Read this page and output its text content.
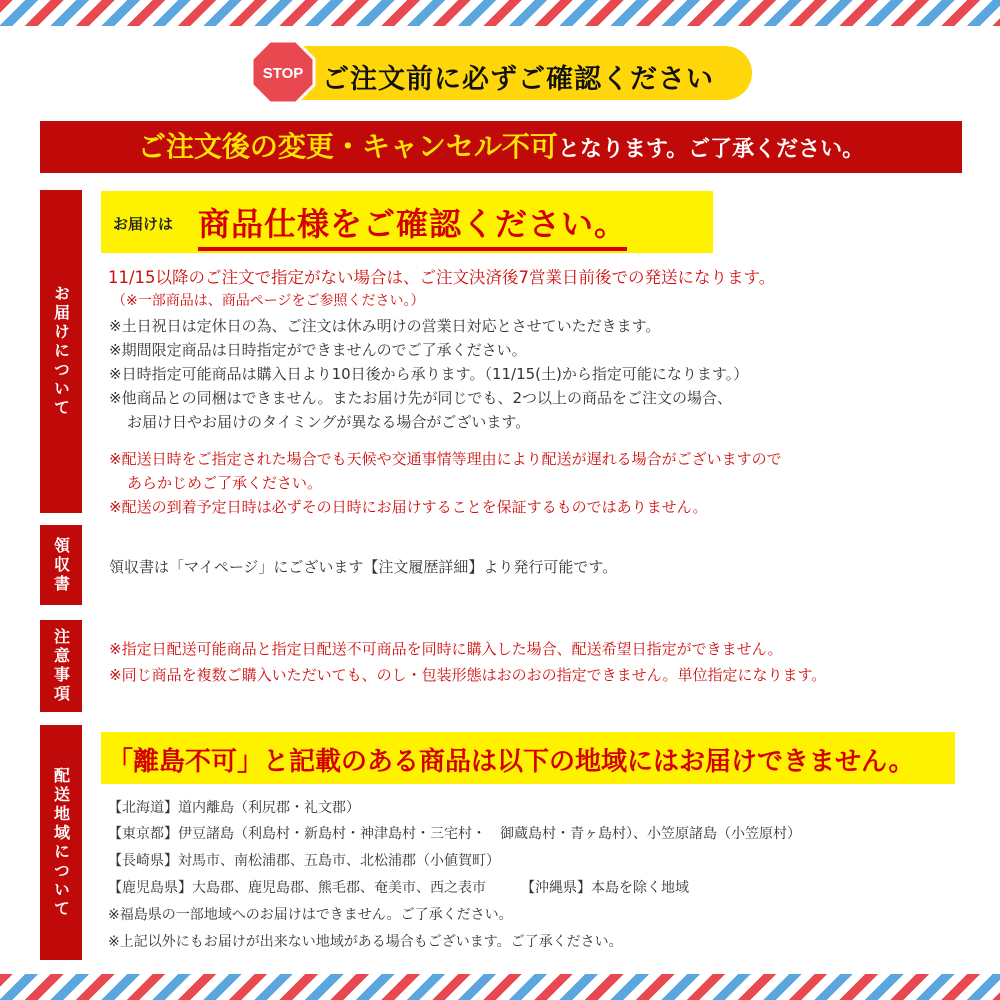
STOP ご注文前に必ずご確認ください
ご注文後の変更・キャンセル不可となります。ご了承ください。
お届けについて
お届けは 商品仕様をご確認ください。
11/15以降のご注文で指定がない場合は、ご注文決済後7営業日前後での発送になります。
（※一部商品は、商品ページをご参照ください。）
※土日祝日は定休日の為、ご注文は休み明けの営業日対応とさせていただきます。
※期間限定商品は日時指定ができませんのでご了承ください。
※日時指定可能商品は購入日より10日後から承ります。（11/15(土)から指定可能になります。）
※他商品との同梱はできません。またお届け先が同じでも、2つ以上の商品をご注文の場合、
お届け日やお届けのタイミングが異なる場合がございます。
※配送日時をご指定された場合でも天候や交通事情等理由により配送が遅れる場合がございますので
あらかじめご了承ください。
※配送の到着予定日時は必ずその日時にお届けすることを保証するものではありません。
領収書	領収書は「マイページ」にございます【注文履歴詳細】より発行可能です。
注意事項	※指定日配送可能商品と指定日配送不可商品を同時に購入した場合、配送希望日指定ができません。
※同じ商品を複数ご購入いただいても、のし・包装形態はおのおの指定できません。単位指定になります。
配送地域について
「離島不可」と記載のある商品は以下の地域にはお届けできません。
【北海道】道内離島（利尻郡・礼文郡）
【東京都】伊豆諸島（利島村・新島村・神津島村・三宅村・　御蔵島村・青ヶ島村）、小笠原諸島（小笠原村）
【長崎県】対馬市、南松浦郡、五島市、北松浦郡（小値賀町）
【鹿児島県】大島郡、鹿児島郡、熊毛郡、奄美市、西之表市　　　【沖縄県】本島を除く地域
※福島県の一部地域へのお届けはできません。ご了承ください。
※上記以外にもお届けが出来ない地域がある場合もございます。ご了承ください。
